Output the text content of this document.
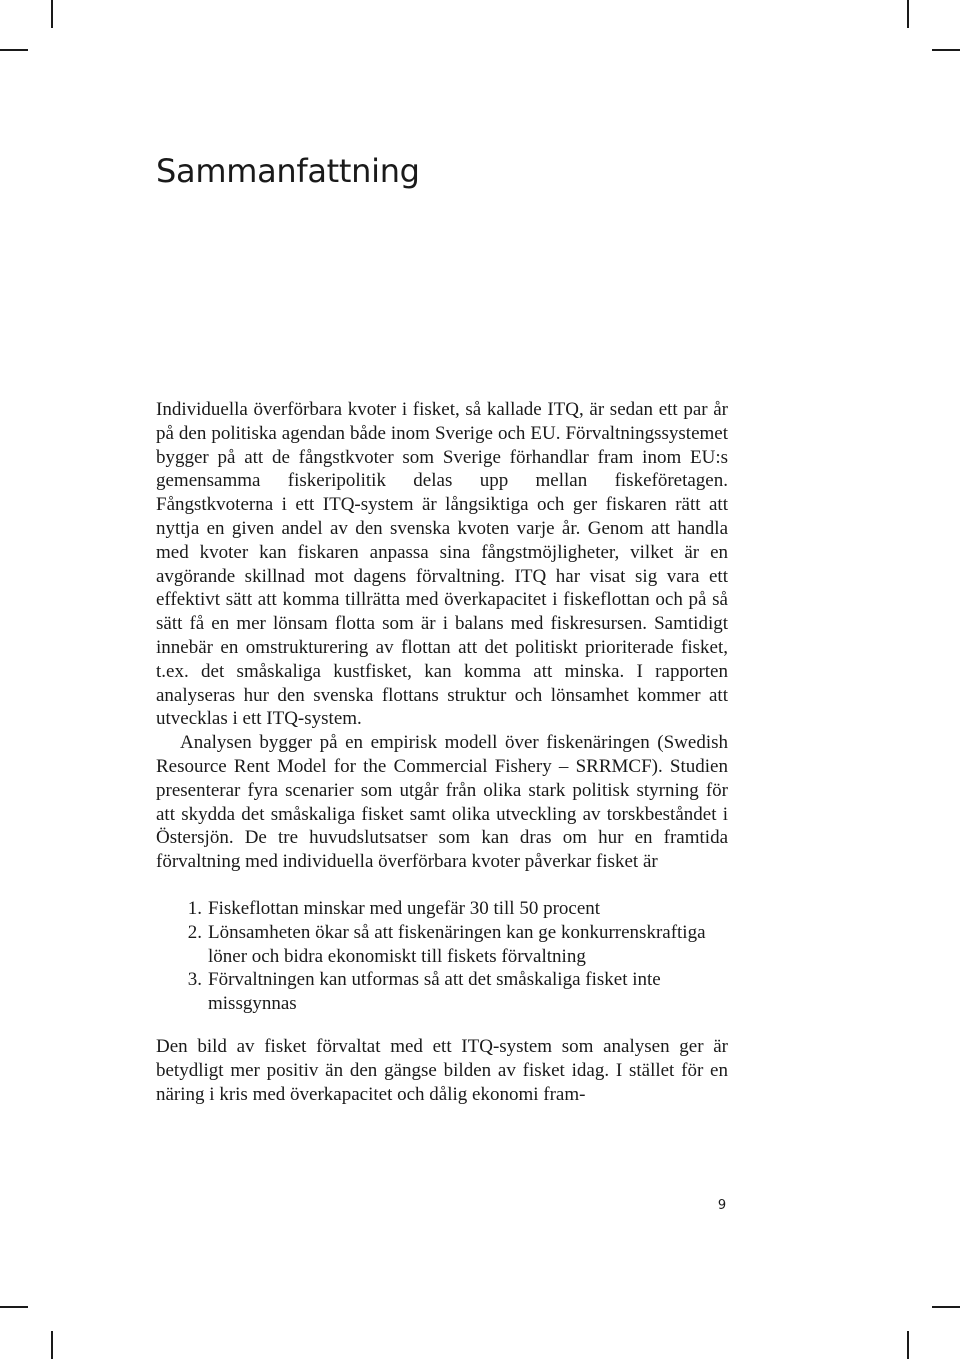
Sammanfattning

Individuella överförbara kvoter i fisket, så kallade ITQ, är sedan ett par år på den politiska agendan både inom Sverige och EU. Förvaltningssystemet bygger på att de fångstkvoter som Sverige förhandlar fram inom EU:s gemensamma fiskeripolitik delas upp mellan fiskeföretagen. Fångstkvoterna i ett ITQ-system är långsiktiga och ger fiskaren rätt att nyttja en given andel av den svenska kvoten varje år. Genom att handla med kvoter kan fiskaren anpassa sina fångstmöjligheter, vilket är en avgörande skillnad mot dagens förvaltning. ITQ har visat sig vara ett effektivt sätt att komma tillrätta med överkapacitet i fiskeflottan och på så sätt få en mer lönsam flotta som är i balans med fiskresursen. Samtidigt innebär en omstrukturering av flottan att det politiskt prioriterade fisket, t.ex. det småskaliga kustfisket, kan komma att minska. I rapporten analyseras hur den svenska flottans struktur och lönsamhet kommer att utvecklas i ett ITQ-system.

Analysen bygger på en empirisk modell över fiskenäringen (Swedish Resource Rent Model for the Commercial Fishery – SRRMCF). Studien presenterar fyra scenarier som utgår från olika stark politisk styrning för att skydda det småskaliga fisket samt olika utveckling av torskbeståndet i Östersjön. De tre huvudslutsatser som kan dras om hur en framtida förvaltning med individuella överförbara kvoter påverkar fisket är

1. Fiskeflottan minskar med ungefär 30 till 50 procent
2. Lönsamheten ökar så att fiskenäringen kan ge konkurrenskraftiga löner och bidra ekonomiskt till fiskets förvaltning
3. Förvaltningen kan utformas så att det småskaliga fisket inte missgynnas

Den bild av fisket förvaltat med ett ITQ-system som analysen ger är betydligt mer positiv än den gängse bilden av fisket idag. I stället för en näring i kris med överkapacitet och dålig ekonomi fram-

9
